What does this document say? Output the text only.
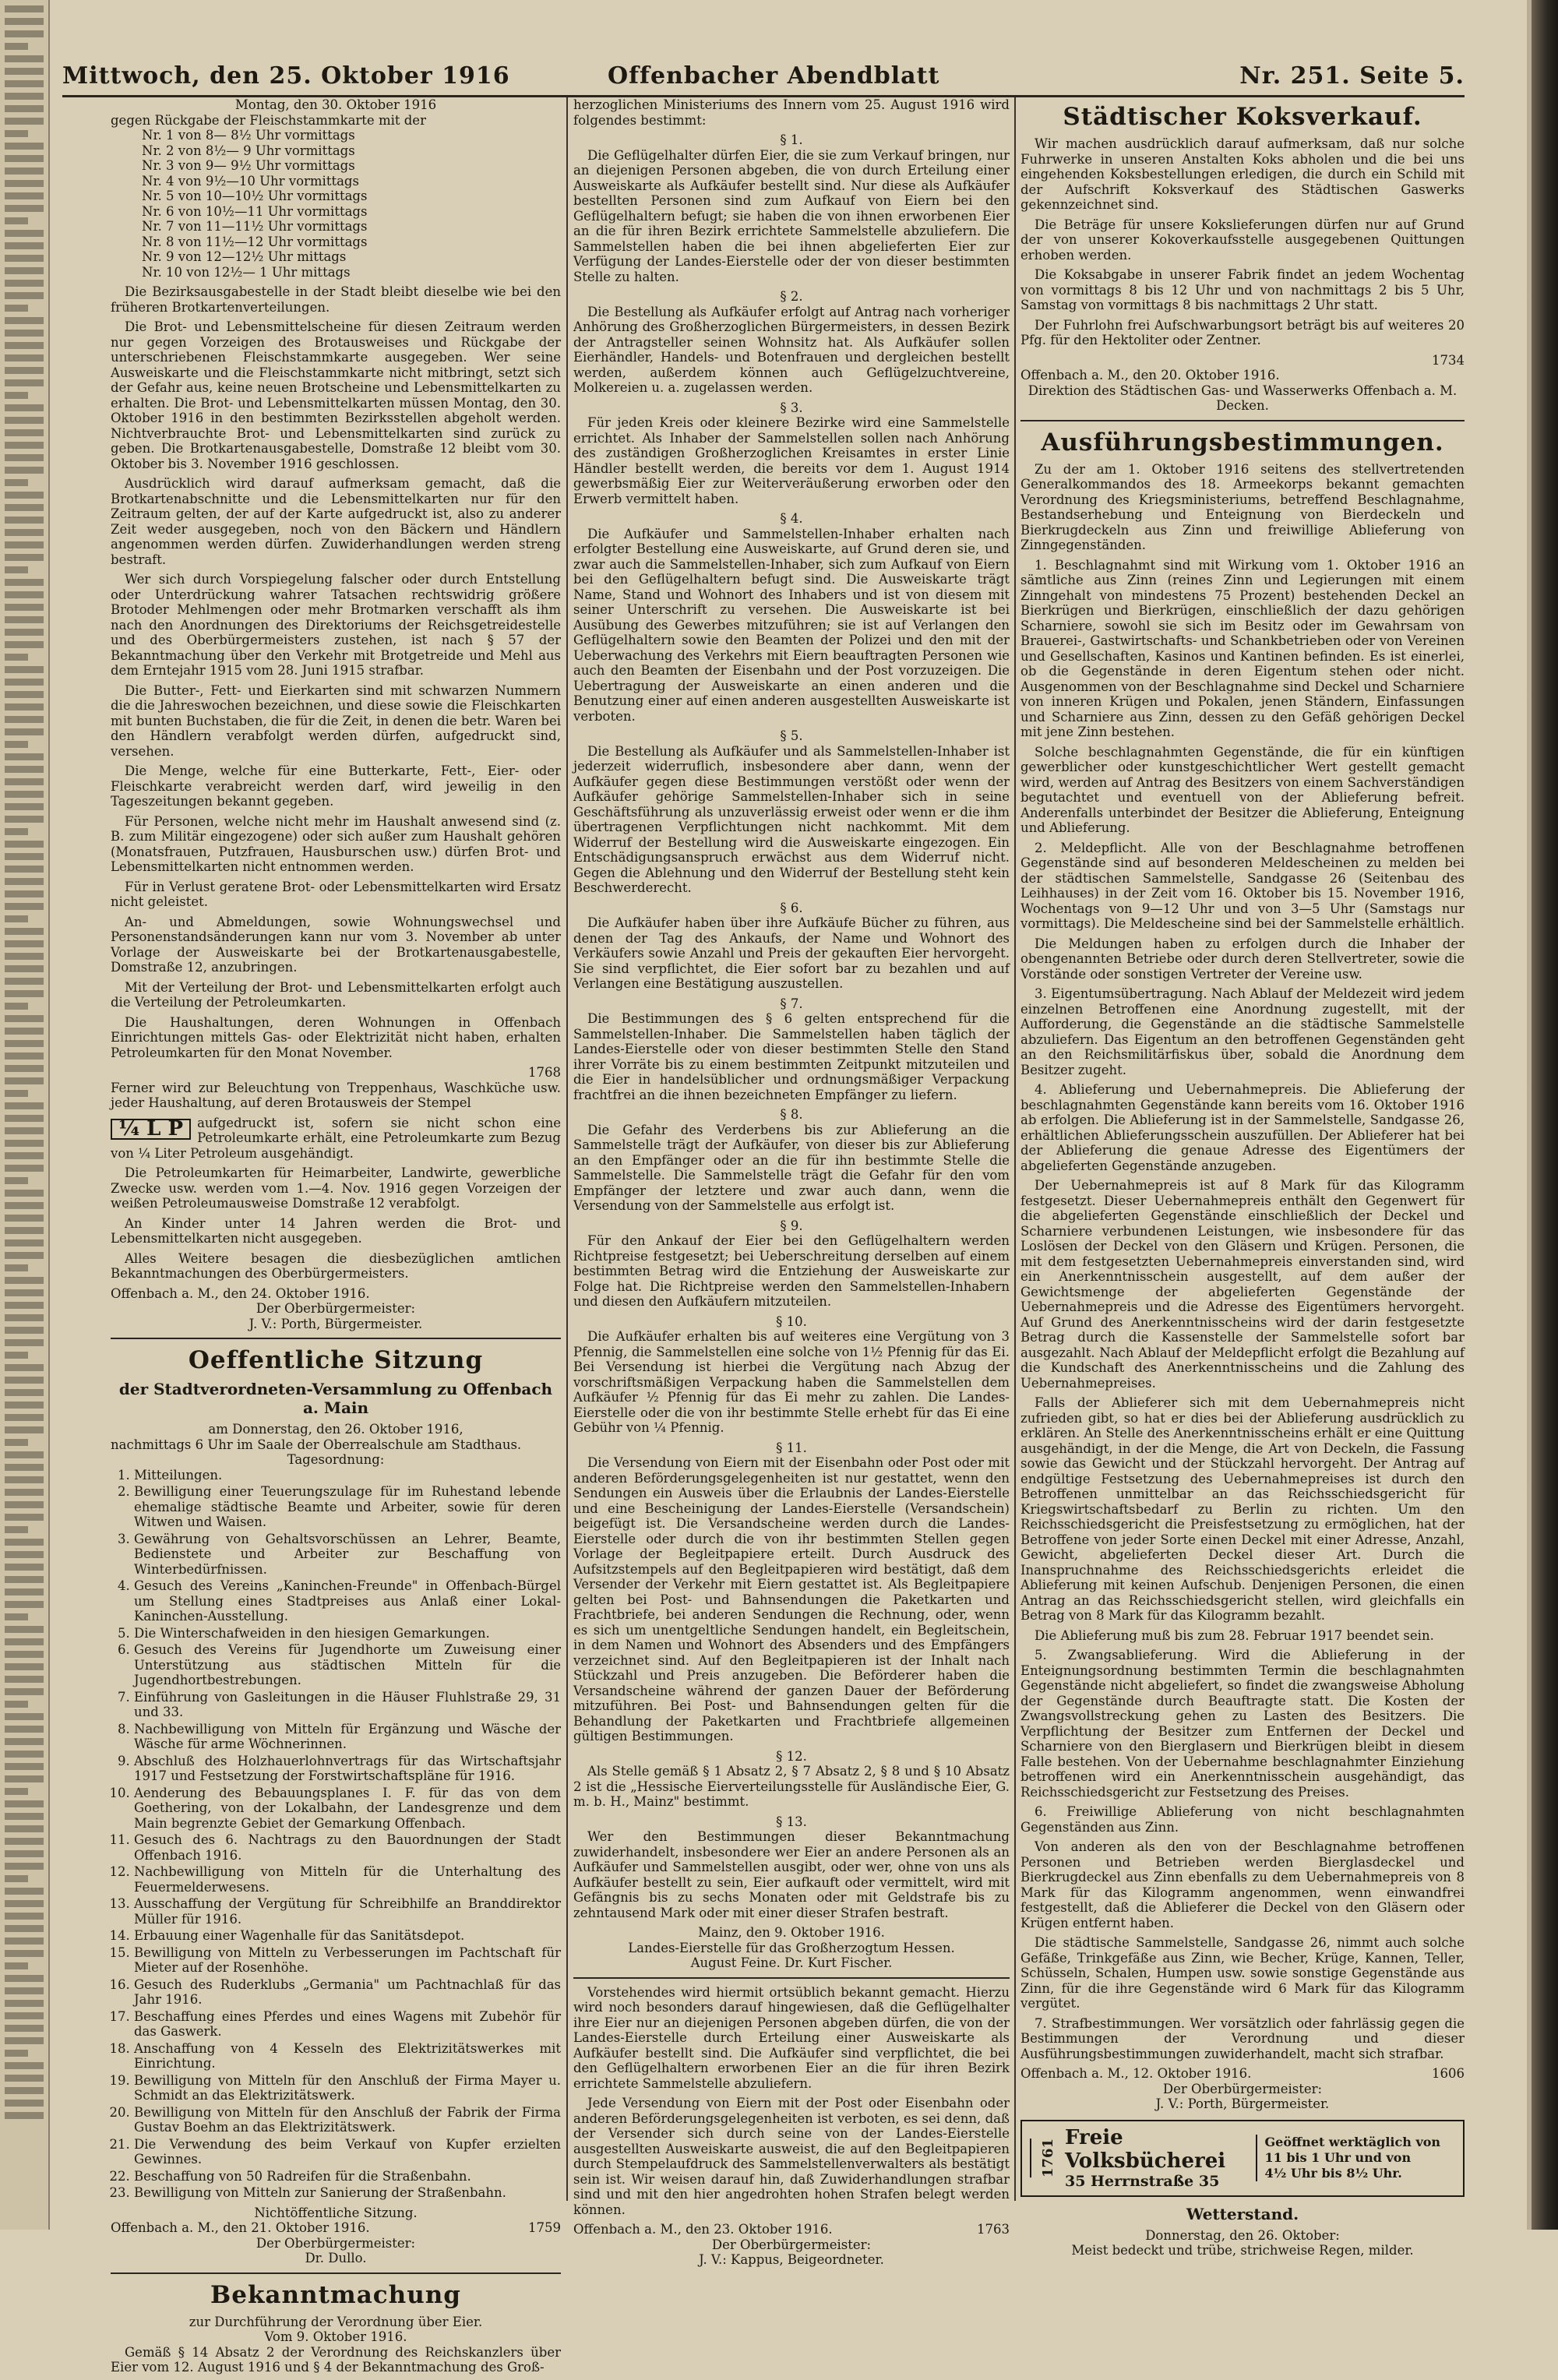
Mittwoch, den 25. Oktober 1916	Offenbacher Abendblatt	Nr. 251. Seite 5.
Montag, den 30. Oktober 1916
gegen Rückgabe der Fleischstammkarte mit der
Nr. 1 von 8— 8½ Uhr vormittags
Nr. 2 von 8½— 9 Uhr vormittags
Nr. 3 von 9— 9½ Uhr vormittags
Nr. 4 von 9½—10 Uhr vormittags
Nr. 5 von 10—10½ Uhr vormittags
Nr. 6 von 10½—11 Uhr vormittags
Nr. 7 von 11—11½ Uhr vormittags
Nr. 8 von 11½—12 Uhr vormittags
Nr. 9 von 12—12½ Uhr mittags
Nr. 10 von 12½— 1 Uhr mittags

Die Bezirksausgabestelle in der Stadt bleibt dieselbe wie bei den früheren Brotkartenverteilungen.

Die Brot- und Lebensmittelscheine für diesen Zeitraum werden nur gegen Vorzeigen des Brotausweises und Rückgabe der unterschriebenen Fleischstammkarte ausgegeben. Wer seine Ausweiskarte und die Fleischstammkarte nicht mitbringt, setzt sich der Gefahr aus, keine neuen Brotscheine und Lebensmittelkarten zu erhalten. Die Brot- und Lebensmittelkarten müssen Montag, den 30. Oktober 1916 in den bestimmten Bezirksstellen abgeholt werden. Nichtverbrauchte Brot- und Lebensmittelkarten sind zurück zu geben. Die Brotkartenausgabestelle, Domstraße 12 bleibt vom 30. Oktober bis 3. November 1916 geschlossen.

Ausdrücklich wird darauf aufmerksam gemacht, daß die Brotkartenabschnitte und die Lebensmittelkarten nur für den Zeitraum gelten, der auf der Karte aufgedruckt ist, also zu anderer Zeit weder ausgegeben, noch von den Bäckern und Händlern angenommen werden dürfen. Zuwiderhandlungen werden streng bestraft.

Wer sich durch Vorspiegelung falscher oder durch Entstellung oder Unterdrückung wahrer Tatsachen rechtswidrig größere Brotoder Mehlmengen oder mehr Brotmarken verschafft als ihm nach den Anordnungen des Direktoriums der Reichsgetreidestelle und des Oberbürgermeisters zustehen, ist nach § 57 der Bekanntmachung über den Verkehr mit Brotgetreide und Mehl aus dem Erntejahr 1915 vom 28. Juni 1915 strafbar.

Die Butter-, Fett- und Eierkarten sind mit schwarzen Nummern die die Jahreswochen bezeichnen, und diese sowie die Fleischkarten mit bunten Buchstaben, die für die Zeit, in denen die betr. Waren bei den Händlern verabfolgt werden dürfen, aufgedruckt sind, versehen.

Die Menge, welche für eine Butterkarte, Fett-, Eier- oder Fleischkarte verabreicht werden darf, wird jeweilig in den Tageszeitungen bekannt gegeben.

Für Personen, welche nicht mehr im Haushalt anwesend sind (z. B. zum Militär eingezogene) oder sich außer zum Haushalt gehören (Monatsfrauen, Putzfrauen, Hausburschen usw.) dürfen Brot- und Lebensmittelkarten nicht entnommen werden.

Für in Verlust geratene Brot- oder Lebensmittelkarten wird Ersatz nicht geleistet.

An- und Abmeldungen, sowie Wohnungswechsel und Personenstandsänderungen kann nur vom 3. November ab unter Vorlage der Ausweiskarte bei der Brotkartenausgabestelle, Domstraße 12, anzubringen.

Mit der Verteilung der Brot- und Lebensmittelkarten erfolgt auch die Verteilung der Petroleumkarten.

Die Haushaltungen, deren Wohnungen in Offenbach Einrichtungen mittels Gas- oder Elektrizität nicht haben, erhalten Petroleumkarten für den Monat November.

1768

Ferner wird zur Beleuchtung von Treppenhaus, Waschküche usw. jeder Haushaltung, auf deren Brotausweis der Stempel

¼ L P	aufgedruckt ist, sofern sie nicht schon eine Petroleumkarte erhält, eine Petroleumkarte zum Bezug von ¼ Liter Petroleum ausgehändigt.

Die Petroleumkarten für Heimarbeiter, Landwirte, gewerbliche Zwecke usw. werden vom 1.—4. Nov. 1916 gegen Vorzeigen der weißen Petroleumausweise Domstraße 12 verabfolgt.

An Kinder unter 14 Jahren werden die Brot- und Lebensmittelkarten nicht ausgegeben.

Alles Weitere besagen die diesbezüglichen amtlichen Bekanntmachungen des Oberbürgermeisters.

Offenbach a. M., den 24. Oktober 1916.
Der Oberbürgermeister:
J. V.: Porth, Bürgermeister.
Oeffentliche Sitzung
der Stadtverordneten-Versammlung zu Offenbach a. Main
am Donnerstag, den 26. Oktober 1916,
nachmittags 6 Uhr im Saale der Oberrealschule am Stadthaus.
Tagesordnung:
1. Mitteilungen.
2. Bewilligung einer Teuerungszulage für im Ruhestand lebende ehemalige städtische Beamte und Arbeiter, sowie für deren Witwen und Waisen.
3. Gewährung von Gehaltsvorschüssen an Lehrer, Beamte, Bedienstete und Arbeiter zur Beschaffung von Winterbedürfnissen.
4. Gesuch des Vereins „Kaninchen-Freunde" in Offenbach-Bürgel um Stellung eines Stadtpreises aus Anlaß einer Lokal-Kaninchen-Ausstellung.
5. Die Winterschafweiden in den hiesigen Gemarkungen.
6. Gesuch des Vereins für Jugendhorte um Zuweisung einer Unterstützung aus städtischen Mitteln für die Jugendhortbestrebungen.
7. Einführung von Gasleitungen in die Häuser Fluhlstraße 29, 31 und 33.
8. Nachbewilligung von Mitteln für Ergänzung und Wäsche der Wäsche für arme Wöchnerinnen.
9. Abschluß des Holzhauerlohnvertrags für das Wirtschaftsjahr 1917 und Festsetzung der Forstwirtschaftspläne für 1916.
10. Aenderung des Bebauungsplanes I. F. für das von dem Goethering, von der Lokalbahn, der Landesgrenze und dem Main begrenzte Gebiet der Gemarkung Offenbach.
11. Gesuch des 6. Nachtrags zu den Bauordnungen der Stadt Offenbach 1916.
12. Nachbewilligung von Mitteln für die Unterhaltung des Feuermelderwesens.
13. Ausschaffung der Vergütung für Schreibhilfe an Branddirektor Müller für 1916.
14. Erbauung einer Wagenhalle für das Sanitätsdepot.
15. Bewilligung von Mitteln zu Verbesserungen im Pachtschaft für Mieter auf der Rosenhöhe.
16. Gesuch des Ruderklubs „Germania" um Pachtnachlaß für das Jahr 1916.
17. Beschaffung eines Pferdes und eines Wagens mit Zubehör für das Gaswerk.
18. Anschaffung von 4 Kesseln des Elektrizitätswerkes mit Einrichtung.
19. Bewilligung von Mitteln für den Anschluß der Firma Mayer u. Schmidt an das Elektrizitätswerk.
20. Bewilligung von Mitteln für den Anschluß der Fabrik der Firma Gustav Boehm an das Elektrizitätswerk.
21. Die Verwendung des beim Verkauf von Kupfer erzielten Gewinnes.
22. Beschaffung von 50 Radreifen für die Straßenbahn.
23. Bewilligung von Mitteln zur Sanierung der Straßenbahn.
Nichtöffentliche Sitzung.
Offenbach a. M., den 21. Oktober 1916.	1759
Der Oberbürgermeister:
Dr. Dullo.
Bekanntmachung
zur Durchführung der Verordnung über Eier.
Vom 9. Oktober 1916.

Gemäß § 14 Absatz 2 der Verordnung des Reichskanzlers über Eier vom 12. August 1916 und § 4 der Bekanntmachung des Groß-

herzoglichen Ministeriums des Innern vom 25. August 1916 wird folgendes bestimmt:

§ 1.

Die Geflügelhalter dürfen Eier, die sie zum Verkauf bringen, nur an diejenigen Personen abgeben, die von durch Erteilung einer Ausweiskarte als Aufkäufer bestellt sind. Nur diese als Aufkäufer bestellten Personen sind zum Aufkauf von Eiern bei den Geflügelhaltern befugt; sie haben die von ihnen erworbenen Eier an die für ihren Bezirk errichtete Sammelstelle abzuliefern. Die Sammelstellen haben die bei ihnen abgelieferten Eier zur Verfügung der Landes-Eierstelle oder der von dieser bestimmten Stelle zu halten.

§ 2.

Die Bestellung als Aufkäufer erfolgt auf Antrag nach vorheriger Anhörung des Großherzoglichen Bürgermeisters, in dessen Bezirk der Antragsteller seinen Wohnsitz hat. Als Aufkäufer sollen Eierhändler, Handels- und Botenfrauen und dergleichen bestellt werden, außerdem können auch Geflügelzuchtvereine, Molkereien u. a. zugelassen werden.

§ 3.

Für jeden Kreis oder kleinere Bezirke wird eine Sammelstelle errichtet. Als Inhaber der Sammelstellen sollen nach Anhörung des zuständigen Großherzoglichen Kreisamtes in erster Linie Händler bestellt werden, die bereits vor dem 1. August 1914 gewerbsmäßig Eier zur Weiterveräußerung erworben oder den Erwerb vermittelt haben.

§ 4.

Die Aufkäufer und Sammelstellen-Inhaber erhalten nach erfolgter Bestellung eine Ausweiskarte, auf Grund deren sie, und zwar auch die Sammelstellen-Inhaber, sich zum Aufkauf von Eiern bei den Geflügelhaltern befugt sind. Die Ausweiskarte trägt Name, Stand und Wohnort des Inhabers und ist von diesem mit seiner Unterschrift zu versehen. Die Ausweiskarte ist bei Ausübung des Gewerbes mitzuführen; sie ist auf Verlangen den Geflügelhaltern sowie den Beamten der Polizei und den mit der Ueberwachung des Verkehrs mit Eiern beauftragten Personen wie auch den Beamten der Eisenbahn und der Post vorzuzeigen. Die Uebertragung der Ausweiskarte an einen anderen und die Benutzung einer auf einen anderen ausgestellten Ausweiskarte ist verboten.

§ 5.

Die Bestellung als Aufkäufer und als Sammelstellen-Inhaber ist jederzeit widerruflich, insbesondere aber dann, wenn der Aufkäufer gegen diese Bestimmungen verstößt oder wenn der Aufkäufer gehörige Sammelstellen-Inhaber sich in seine Geschäftsführung als unzuverlässig erweist oder wenn er die ihm übertragenen Verpflichtungen nicht nachkommt. Mit dem Widerruf der Bestellung wird die Ausweiskarte eingezogen. Ein Entschädigungsanspruch erwächst aus dem Widerruf nicht. Gegen die Ablehnung und den Widerruf der Bestellung steht kein Beschwerderecht.

§ 6.

Die Aufkäufer haben über ihre Aufkäufe Bücher zu führen, aus denen der Tag des Ankaufs, der Name und Wohnort des Verkäufers sowie Anzahl und Preis der gekauften Eier hervorgeht. Sie sind verpflichtet, die Eier sofort bar zu bezahlen und auf Verlangen eine Bestätigung auszustellen.

§ 7.

Die Bestimmungen des § 6 gelten entsprechend für die Sammelstellen-Inhaber. Die Sammelstellen haben täglich der Landes-Eierstelle oder von dieser bestimmten Stelle den Stand ihrer Vorräte bis zu einem bestimmten Zeitpunkt mitzuteilen und die Eier in handelsüblicher und ordnungsmäßiger Verpackung frachtfrei an die ihnen bezeichneten Empfänger zu liefern.

§ 8.

Die Gefahr des Verderbens bis zur Ablieferung an die Sammelstelle trägt der Aufkäufer, von dieser bis zur Ablieferung an den Empfänger oder an die für ihn bestimmte Stelle die Sammelstelle. Die Sammelstelle trägt die Gefahr für den vom Empfänger der letztere und zwar auch dann, wenn die Versendung von der Sammelstelle aus erfolgt ist.

§ 9.

Für den Ankauf der Eier bei den Geflügelhaltern werden Richtpreise festgesetzt; bei Ueberschreitung derselben auf einem bestimmten Betrag wird die Entziehung der Ausweiskarte zur Folge hat. Die Richtpreise werden den Sammelstellen-Inhabern und diesen den Aufkäufern mitzuteilen.

§ 10.

Die Aufkäufer erhalten bis auf weiteres eine Vergütung von 3 Pfennig, die Sammelstellen eine solche von 1½ Pfennig für das Ei. Bei Versendung ist hierbei die Vergütung nach Abzug der vorschriftsmäßigen Verpackung haben die Sammelstellen dem Aufkäufer ½ Pfennig für das Ei mehr zu zahlen. Die Landes-Eierstelle oder die von ihr bestimmte Stelle erhebt für das Ei eine Gebühr von ¼ Pfennig.

§ 11.

Die Versendung von Eiern mit der Eisenbahn oder Post oder mit anderen Beförderungsgelegenheiten ist nur gestattet, wenn den Sendungen ein Ausweis über die Erlaubnis der Landes-Eierstelle und eine Bescheinigung der Landes-Eierstelle (Versandschein) beigefügt ist. Die Versandscheine werden durch die Landes-Eierstelle oder durch die von ihr bestimmten Stellen gegen Vorlage der Begleitpapiere erteilt. Durch Ausdruck des Aufsitzstempels auf den Begleitpapieren wird bestätigt, daß dem Versender der Verkehr mit Eiern gestattet ist. Als Begleitpapiere gelten bei Post- und Bahnsendungen die Paketkarten und Frachtbriefe, bei anderen Sendungen die Rechnung, oder, wenn es sich um unentgeltliche Sendungen handelt, ein Begleitschein, in dem Namen und Wohnort des Absenders und des Empfängers verzeichnet sind. Auf den Begleitpapieren ist der Inhalt nach Stückzahl und Preis anzugeben. Die Beförderer haben die Versandscheine während der ganzen Dauer der Beförderung mitzuführen. Bei Post- und Bahnsendungen gelten für die Behandlung der Paketkarten und Frachtbriefe allgemeinen gültigen Bestimmungen.

§ 12.

Als Stelle gemäß § 1 Absatz 2, § 7 Absatz 2, § 8 und § 10 Absatz 2 ist die „Hessische Eierverteilungsstelle für Ausländische Eier, G. m. b. H., Mainz" bestimmt.

§ 13.

Wer den Bestimmungen dieser Bekanntmachung zuwiderhandelt, insbesondere wer Eier an andere Personen als an Aufkäufer und Sammelstellen ausgibt, oder wer, ohne von uns als Aufkäufer bestellt zu sein, Eier aufkauft oder vermittelt, wird mit Gefängnis bis zu sechs Monaten oder mit Geldstrafe bis zu zehntausend Mark oder mit einer dieser Strafen bestraft.

Mainz, den 9. Oktober 1916.
Landes-Eierstelle für das Großherzogtum Hessen.
August Feine. Dr. Kurt Fischer.

Vorstehendes wird hiermit ortsüblich bekannt gemacht. Hierzu wird noch besonders darauf hingewiesen, daß die Geflügelhalter ihre Eier nur an diejenigen Personen abgeben dürfen, die von der Landes-Eierstelle durch Erteilung einer Ausweiskarte als Aufkäufer bestellt sind. Die Aufkäufer sind verpflichtet, die bei den Geflügelhaltern erworbenen Eier an die für ihren Bezirk errichtete Sammelstelle abzuliefern.

Jede Versendung von Eiern mit der Post oder Eisenbahn oder anderen Beförderungsgelegenheiten ist verboten, es sei denn, daß der Versender sich durch seine von der Landes-Eierstelle ausgestellten Ausweiskarte ausweist, die auf den Begleitpapieren durch Stempelaufdruck des Sammelstellenverwalters als bestätigt sein ist. Wir weisen darauf hin, daß Zuwiderhandlungen strafbar sind und mit den hier angedrohten hohen Strafen belegt werden können.

Offenbach a. M., den 23. Oktober 1916.	1763
Der Oberbürgermeister:
J. V.: Kappus, Beigeordneter.
Städtischer Koksverkauf.

Wir machen ausdrücklich darauf aufmerksam, daß nur solche Fuhrwerke in unseren Anstalten Koks abholen und die bei uns eingehenden Koksbestellungen erledigen, die durch ein Schild mit der Aufschrift Koksverkauf des Städtischen Gaswerks gekennzeichnet sind.

Die Beträge für unsere Kokslieferungen dürfen nur auf Grund der von unserer Kokoverkaufsstelle ausgegebenen Quittungen erhoben werden.

Die Koksabgabe in unserer Fabrik findet an jedem Wochentag von vormittags 8 bis 12 Uhr und von nachmittags 2 bis 5 Uhr, Samstag von vormittags 8 bis nachmittags 2 Uhr statt.

Der Fuhrlohn frei Aufschwarbungsort beträgt bis auf weiteres 20 Pfg. für den Hektoliter oder Zentner.

1734
Offenbach a. M., den 20. Oktober 1916.
Direktion des Städtischen Gas- und Wasserwerks Offenbach a. M.
Decken.
Ausführungsbestimmungen.

Zu der am 1. Oktober 1916 seitens des stellvertretenden Generalkommandos des 18. Armeekorps bekannt gemachten Verordnung des Kriegsministeriums, betreffend Beschlagnahme, Bestandserhebung und Enteignung von Bierdeckeln und Bierkrugdeckeln aus Zinn und freiwillige Ablieferung von Zinngegenständen.

1. Beschlagnahmt sind mit Wirkung vom 1. Oktober 1916 an sämtliche aus Zinn (reines Zinn und Legierungen mit einem Zinngehalt von mindestens 75 Prozent) bestehenden Deckel an Bierkrügen und Bierkrügen, einschließlich der dazu gehörigen Scharniere, sowohl sie sich im Besitz oder im Gewahrsam von Brauerei-, Gastwirtschafts- und Schankbetrieben oder von Vereinen und Gesellschaften, Kasinos und Kantinen befinden. Es ist einerlei, ob die Gegenstände in deren Eigentum stehen oder nicht. Ausgenommen von der Beschlagnahme sind Deckel und Scharniere von inneren Krügen und Pokalen, jenen Ständern, Einfassungen und Scharniere aus Zinn, dessen zu den Gefäß gehörigen Deckel mit jene Zinn bestehen.

Solche beschlagnahmten Gegenstände, die für ein künftigen gewerblicher oder kunstgeschichtlicher Wert gestellt gemacht wird, werden auf Antrag des Besitzers von einem Sachverständigen begutachtet und eventuell von der Ablieferung befreit. Anderenfalls unterbindet der Besitzer die Ablieferung, Enteignung und Ablieferung.

2. Meldepflicht. Alle von der Beschlagnahme betroffenen Gegenstände sind auf besonderen Meldescheinen zu melden bei der städtischen Sammelstelle, Sandgasse 26 (Seitenbau des Leihhauses) in der Zeit vom 16. Oktober bis 15. November 1916, Wochentags von 9—12 Uhr und von 3—5 Uhr (Samstags nur vormittags). Die Meldescheine sind bei der Sammelstelle erhältlich.

Die Meldungen haben zu erfolgen durch die Inhaber der obengenannten Betriebe oder durch deren Stellvertreter, sowie die Vorstände oder sonstigen Vertreter der Vereine usw.

3. Eigentumsübertragung. Nach Ablauf der Meldezeit wird jedem einzelnen Betroffenen eine Anordnung zugestellt, mit der Aufforderung, die Gegenstände an die städtische Sammelstelle abzuliefern. Das Eigentum an den betroffenen Gegenständen geht an den Reichsmilitärfiskus über, sobald die Anordnung dem Besitzer zugeht.

4. Ablieferung und Uebernahmepreis. Die Ablieferung der beschlagnahmten Gegenstände kann bereits vom 16. Oktober 1916 ab erfolgen. Die Ablieferung ist in der Sammelstelle, Sandgasse 26, erhältlichen Ablieferungsschein auszufüllen. Der Ablieferer hat bei der Ablieferung die genaue Adresse des Eigentümers der abgelieferten Gegenstände anzugeben.

Der Uebernahmepreis ist auf 8 Mark für das Kilogramm festgesetzt. Dieser Uebernahmepreis enthält den Gegenwert für die abgelieferten Gegenstände einschließlich der Deckel und Scharniere verbundenen Leistungen, wie insbesondere für das Loslösen der Deckel von den Gläsern und Krügen. Personen, die mit dem festgesetzten Uebernahmepreis einverstanden sind, wird ein Anerkenntnisschein ausgestellt, auf dem außer der Gewichtsmenge der abgelieferten Gegenstände der Uebernahmepreis und die Adresse des Eigentümers hervorgeht. Auf Grund des Anerkenntnisscheins wird der darin festgesetzte Betrag durch die Kassenstelle der Sammelstelle sofort bar ausgezahlt. Nach Ablauf der Meldepflicht erfolgt die Bezahlung auf die Kundschaft des Anerkenntnisscheins und die Zahlung des Uebernahmepreises.

Falls der Ablieferer sich mit dem Uebernahmepreis nicht zufrieden gibt, so hat er dies bei der Ablieferung ausdrücklich zu erklären. An Stelle des Anerkenntnisscheins erhält er eine Quittung ausgehändigt, in der die Menge, die Art von Deckeln, die Fassung sowie das Gewicht und der Stückzahl hervorgeht. Der Antrag auf endgültige Festsetzung des Uebernahmepreises ist durch den Betroffenen unmittelbar an das Reichsschiedsgericht für Kriegswirtschaftsbedarf zu Berlin zu richten. Um den Reichsschiedsgericht die Preisfestsetzung zu ermöglichen, hat der Betroffene von jeder Sorte einen Deckel mit einer Adresse, Anzahl, Gewicht, abgelieferten Deckel dieser Art. Durch die Inanspruchnahme des Reichsschiedsgerichts erleidet die Ablieferung mit keinen Aufschub. Denjenigen Personen, die einen Antrag an das Reichsschiedsgericht stellen, wird gleichfalls ein Betrag von 8 Mark für das Kilogramm bezahlt.

Die Ablieferung muß bis zum 28. Februar 1917 beendet sein.

5. Zwangsablieferung. Wird die Ablieferung in der Enteignungsordnung bestimmten Termin die beschlagnahmten Gegenstände nicht abgeliefert, so findet die zwangsweise Abholung der Gegenstände durch Beauftragte statt. Die Kosten der Zwangsvollstreckung gehen zu Lasten des Besitzers. Die Verpflichtung der Besitzer zum Entfernen der Deckel und Scharniere von den Bierglasern und Bierkrügen bleibt in diesem Falle bestehen. Von der Uebernahme beschlagnahmter Einziehung betroffenen wird ein Anerkenntnisschein ausgehändigt, das Reichsschiedsgericht zur Festsetzung des Preises.

6. Freiwillige Ablieferung von nicht beschlagnahmten Gegenständen aus Zinn.

Von anderen als den von der Beschlagnahme betroffenen Personen und Betrieben werden Bierglasdeckel und Bierkrugdeckel aus Zinn ebenfalls zu dem Uebernahmepreis von 8 Mark für das Kilogramm angenommen, wenn einwandfrei festgestellt, daß die Ablieferer die Deckel von den Gläsern oder Krügen entfernt haben.

Die städtische Sammelstelle, Sandgasse 26, nimmt auch solche Gefäße, Trinkgefäße aus Zinn, wie Becher, Krüge, Kannen, Teller, Schüsseln, Schalen, Humpen usw. sowie sonstige Gegenstände aus Zinn, für die ihre Gegenstände wird 6 Mark für das Kilogramm vergütet.

7. Strafbestimmungen. Wer vorsätzlich oder fahrlässig gegen die Bestimmungen der Verordnung und dieser Ausführungsbestimmungen zuwiderhandelt, macht sich strafbar.

Offenbach a. M., 12. Oktober 1916.	1606
Der Oberbürgermeister:
J. V.: Porth, Bürgermeister.
1761
Freie Volksbücherei
35 Herrnstraße 35
Geöffnet werktäglich von
11 bis 1 Uhr und von
4½ Uhr bis 8½ Uhr.
Wetterstand.
Donnerstag, den 26. Oktober:
Meist bedeckt und trübe, strichweise Regen, milder.
